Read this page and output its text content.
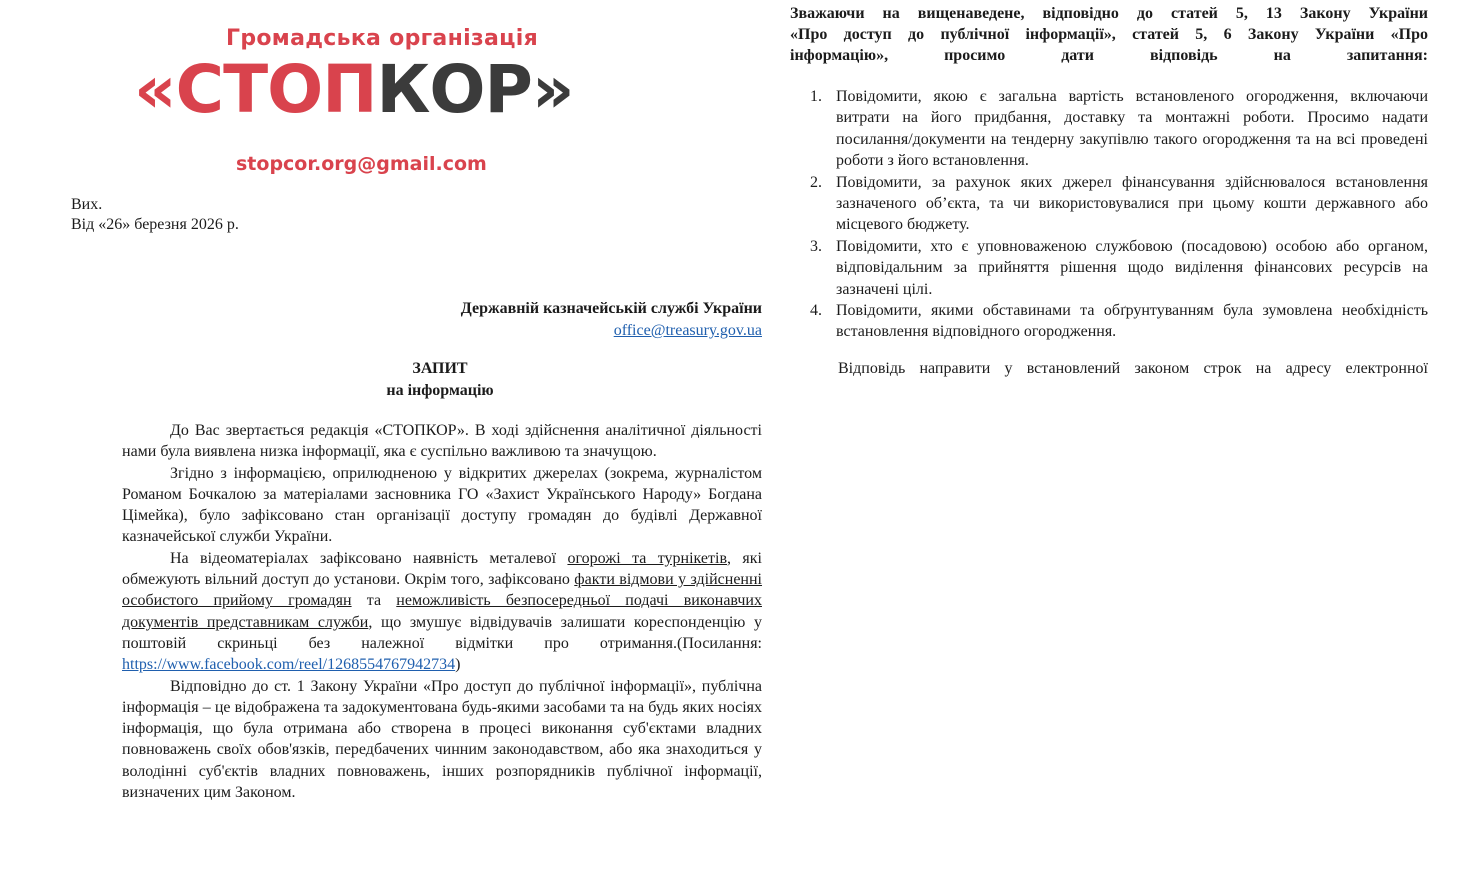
Громадська організація
«СТОПКОР»
stopcor.org@gmail.com
Вих.
Від «26» березня 2026 р.
Державній казначейській службі України
office@treasury.gov.ua
ЗАПИТ
на інформацію

До Вас звертається редакція «СТОПКОР». В ході здійснення аналітичної діяльності нами була виявлена низка інформації, яка є суспільно важливою та значущою.

Згідно з інформацією, оприлюдненою у відкритих джерелах (зокрема, журналістом Романом Бочкалою за матеріалами засновника ГО «Захист Українського Народу» Богдана Цімейка), було зафіксовано стан організації доступу громадян до будівлі Державної казначейської служби України.

На відеоматеріалах зафіксовано наявність металевої огорожі та турнікетів, які обмежують вільний доступ до установи. Окрім того, зафіксовано факти відмови у здійсненні особистого прийому громадян та неможливість безпосередньої подачі виконавчих документів представникам служби, що змушує відвідувачів залишати кореспонденцію у поштовій скриньці без належної відмітки про отримання.(Посилання: https://www.facebook.com/reel/1268554767942734)

Відповідно до ст. 1 Закону України «Про доступ до публічної інформації», публічна інформація – це відображена та задокументована будь-якими засобами та на будь яких носіях інформація, що була отримана або створена в процесі виконання суб'єктами владних повноважень своїх обов'язків, передбачених чинним законодавством, або яка знаходиться у володінні суб'єктів владних повноважень, інших розпорядників публічної інформації, визначених цим Законом.

Зважаючи на вищенаведене, відповідно до статей 5, 13 Закону України
«Про доступ до публічної інформації», статей 5, 6 Закону України «Про
інформацію», просимо дати відповідь на запитання:
1. Повідомити, якою є загальна вартість встановленого огородження, включаючи витрати на його придбання, доставку та монтажні роботи. Просимо надати посилання/документи на тендерну закупівлю такого огородження та на всі проведені роботи з його встановлення.
2. Повідомити, за рахунок яких джерел фінансування здійснювалося встановлення зазначеного об’єкта, та чи використовувалися при цьому кошти державного або місцевого бюджету.
3. Повідомити, хто є уповноваженою службовою (посадовою) особою або органом, відповідальним за прийняття рішення щодо виділення фінансових ресурсів на зазначені цілі.
4. Повідомити, якими обставинами та обґрунтуванням була зумовлена необхідність встановлення відповідного огородження.
Відповідь направити у встановлений законом строк на адресу електронної
